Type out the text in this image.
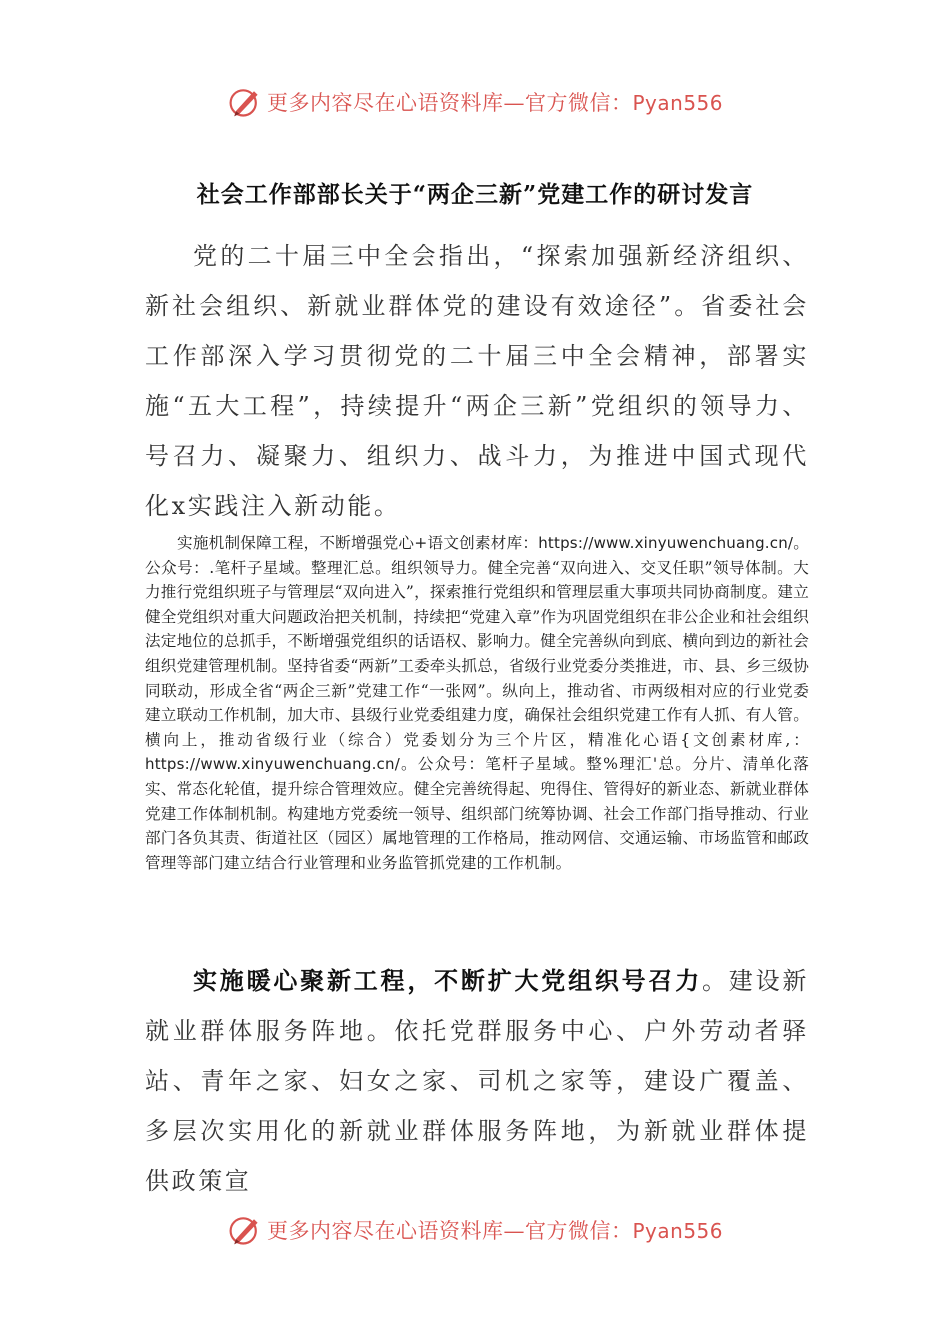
更多内容尽在心语资料库—官方微信：Pyan556
社会工作部部长关于“两企三新”党建工作的研讨发言
党的二十届三中全会指出，“探索加强新经济组织、新社会组织、新就业群体党的建设有效途径”。省委社会工作部深入学习贯彻党的二十届三中全会精神，部署实施“五大工程”，持续提升“两企三新”党组织的领导力、号召力、凝聚力、组织力、战斗力，为推进中国式现代化x实践注入新动能。
实施机制保障工程，不断增强党心+语文创素材库：https://www.xinyuwenchuang.cn/。公众号：.笔杆子星域。整理汇总。组织领导力。健全完善“双向进入、交叉任职”领导体制。大力推行党组织班子与管理层“双向进入”，探索推行党组织和管理层重大事项共同协商制度。建立健全党组织对重大问题政治把关机制，持续把“党建入章”作为巩固党组织在非公企业和社会组织法定地位的总抓手，不断增强党组织的话语权、影响力。健全完善纵向到底、横向到边的新社会组织党建管理机制。坚持省委“两新”工委牵头抓总，省级行业党委分类推进，市、县、乡三级协同联动，形成全省“两企三新”党建工作“一张网”。纵向上，推动省、市两级相对应的行业党委建立联动工作机制，加大市、县级行业党委组建力度，确保社会组织党建工作有人抓、有人管。横向上，推动省级行业（综合）党委划分为三个片区，精准化心语{文创素材库,：https://www.xinyuwenchuang.cn/。公众号：笔杆子星域。整%理汇'总。分片、清单化落实、常态化轮值，提升综合管理效应。健全完善统得起、兜得住、管得好的新业态、新就业群体党建工作体制机制。构建地方党委统一领导、组织部门统筹协调、社会工作部门指导推动、行业部门各负其责、街道社区（园区）属地管理的工作格局，推动网信、交通运输、市场监管和邮政管理等部门建立结合行业管理和业务监管抓党建的工作机制。
实施暖心聚新工程，不断扩大党组织号召力。建设新就业群体服务阵地。依托党群服务中心、户外劳动者驿站、青年之家、妇女之家、司机之家等，建设广覆盖、多层次实用化的新就业群体服务阵地，为新就业群体提供政策宣
更多内容尽在心语资料库—官方微信：Pyan556
